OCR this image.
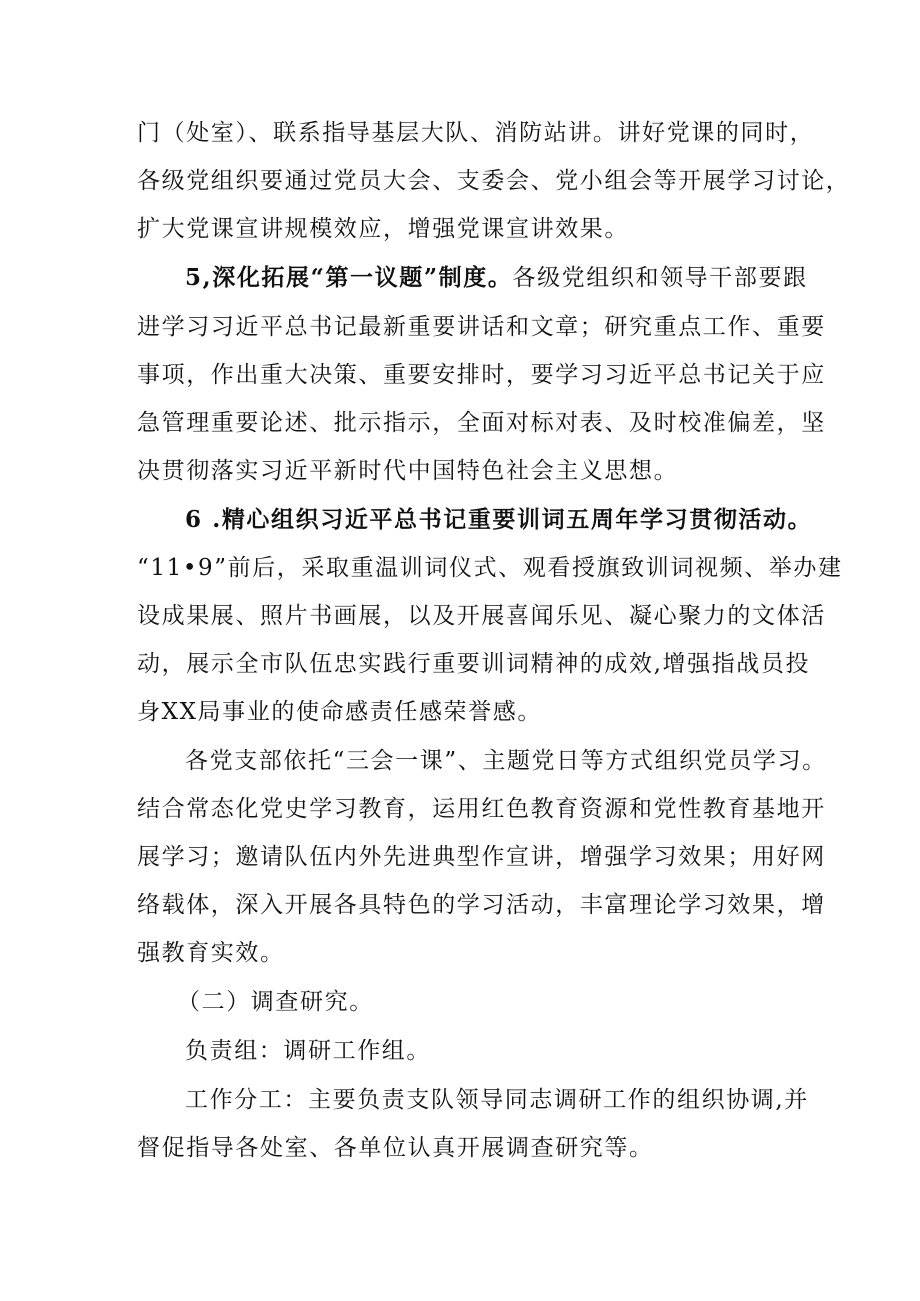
门（处室）、联系指导基层大队、消防站讲。讲好党课的同时，
各级党组织要通过党员大会、支委会、党小组会等开展学习讨论，
扩大党课宣讲规模效应，增强党课宣讲效果。
5,深化拓展“第一议题”制度。各级党组织和领导干部要跟
进学习习近平总书记最新重要讲话和文章；研究重点工作、重要
事项，作出重大决策、重要安排时，要学习习近平总书记关于应
急管理重要论述、批示指示，全面对标对表、及时校准偏差，坚
决贯彻落实习近平新时代中国特色社会主义思想。
6 .精心组织习近平总书记重要训词五周年学习贯彻活动。
“11•9”前后，采取重温训词仪式、观看授旗致训词视频、举办建
设成果展、照片书画展，以及开展喜闻乐见、凝心聚力的文体活
动，展示全市队伍忠实践行重要训词精神的成效,增强指战员投
身XX局事业的使命感责任感荣誉感。
各党支部依托“三会一课”、主题党日等方式组织党员学习。
结合常态化党史学习教育，运用红色教育资源和党性教育基地开
展学习；邀请队伍内外先进典型作宣讲，增强学习效果；用好网
络载体，深入开展各具特色的学习活动，丰富理论学习效果，增
强教育实效。
（二）调查研究。
负责组：调研工作组。
工作分工：主要负责支队领导同志调研工作的组织协调,并
督促指导各处室、各单位认真开展调查研究等。
